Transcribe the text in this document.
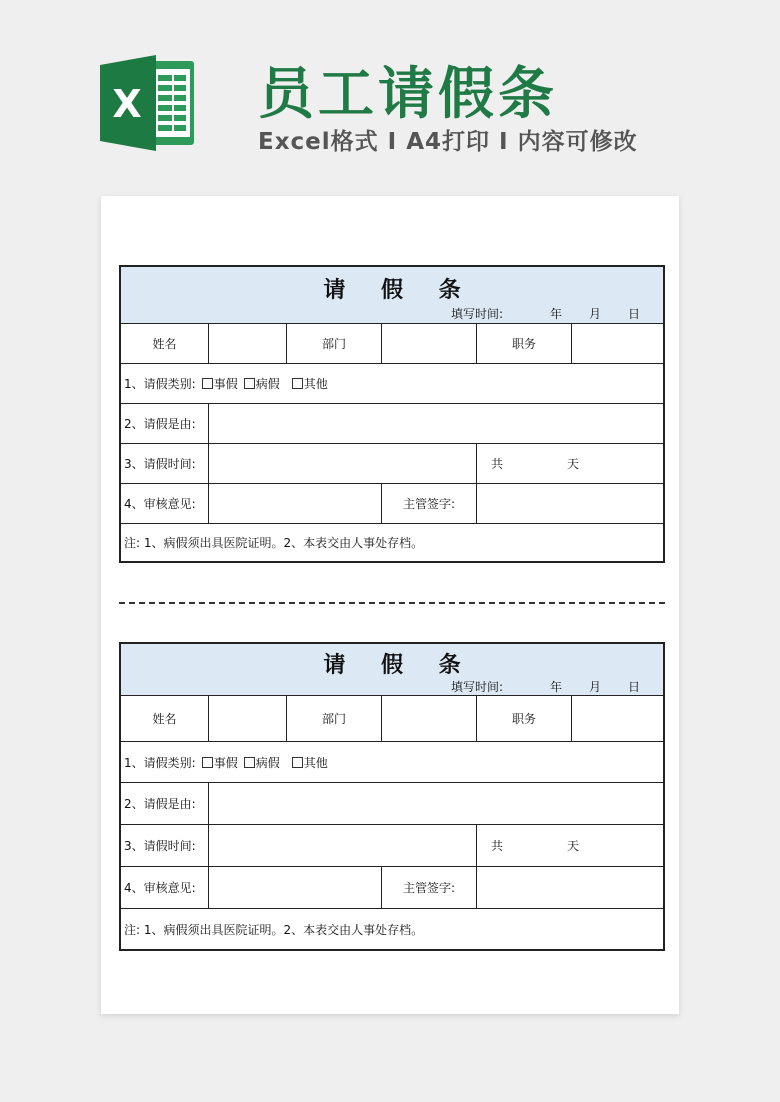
X 员工请假条
Excel格式 I A4打印 I 内容可修改
请 假 条
填写时间:	年 月 日
姓名	部门	职务
1、请假类别:	事假	病假	其他
2、请假是由:
3、请假时间:	共	天
4、审核意见:	主管签字:
注: 1、病假须出具医院证明。2、本表交由人事处存档。
请 假 条
填写时间:	年 月 日
姓名	部门	职务
1、请假类别:	事假	病假	其他
2、请假是由:
3、请假时间:	共	天
4、审核意见:	主管签字:
注: 1、病假须出具医院证明。2、本表交由人事处存档。
